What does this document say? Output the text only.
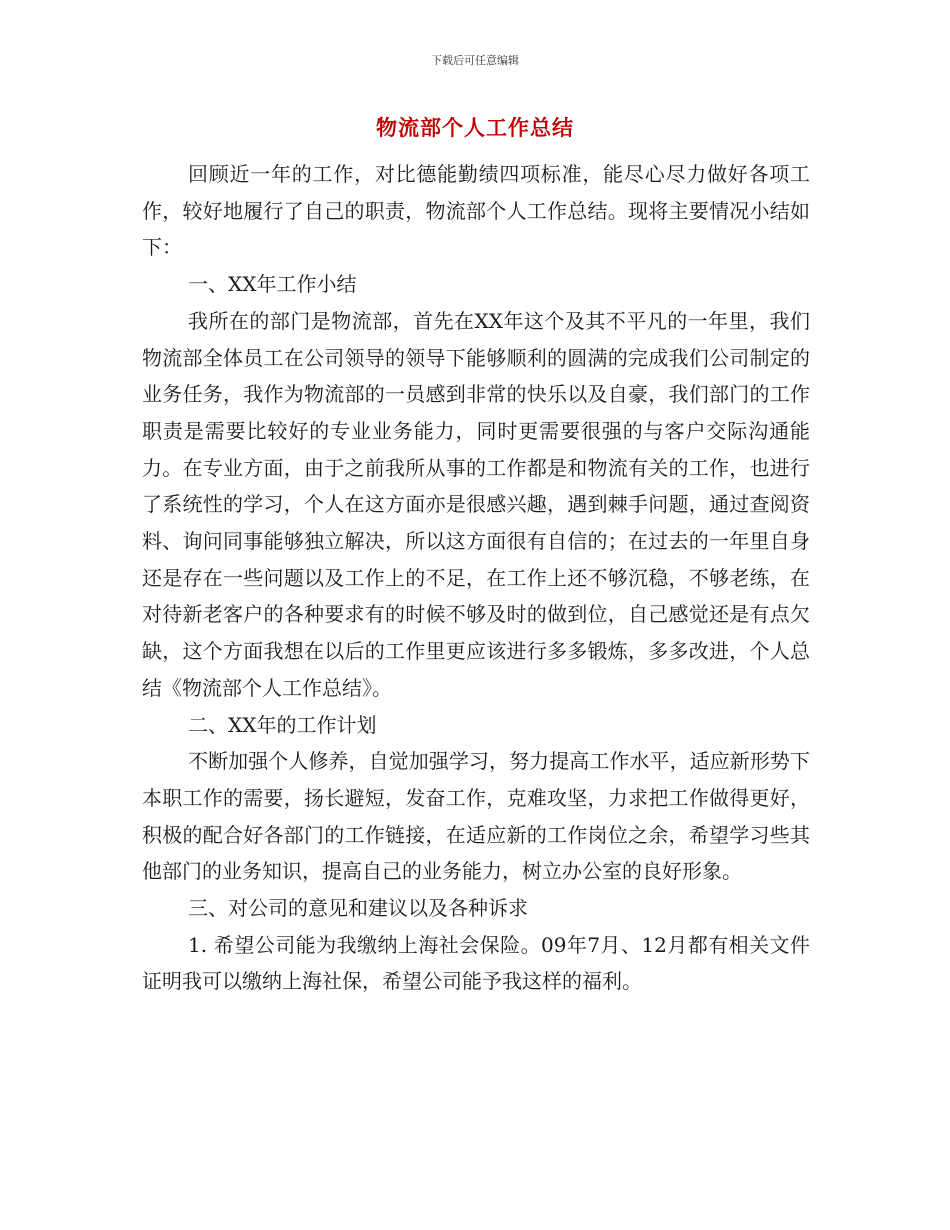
下载后可任意编辑
物流部个人工作总结

回顾近一年的工作，对比德能勤绩四项标准，能尽心尽力做好各项工作，较好地履行了自己的职责，物流部个人工作总结。现将主要情况小结如下：

一、XX年工作小结

我所在的部门是物流部，首先在XX年这个及其不平凡的一年里，我们物流部全体员工在公司领导的领导下能够顺利的圆满的完成我们公司制定的业务任务，我作为物流部的一员感到非常的快乐以及自豪，我们部门的工作职责是需要比较好的专业业务能力，同时更需要很强的与客户交际沟通能力。在专业方面，由于之前我所从事的工作都是和物流有关的工作，也进行了系统性的学习，个人在这方面亦是很感兴趣，遇到棘手问题，通过查阅资料、询问同事能够独立解决，所以这方面很有自信的；在过去的一年里自身还是存在一些问题以及工作上的不足，在工作上还不够沉稳，不够老练，在对待新老客户的各种要求有的时候不够及时的做到位，自己感觉还是有点欠缺，这个方面我想在以后的工作里更应该进行多多锻炼，多多改进，个人总结《物流部个人工作总结》。

二、XX年的工作计划

不断加强个人修养，自觉加强学习，努力提高工作水平，适应新形势下本职工作的需要，扬长避短，发奋工作，克难攻坚，力求把工作做得更好，积极的配合好各部门的工作链接，在适应新的工作岗位之余，希望学习些其他部门的业务知识，提高自己的业务能力，树立办公室的良好形象。

三、对公司的意见和建议以及各种诉求

1. 希望公司能为我缴纳上海社会保险。09年7月、12月都有相关文件证明我可以缴纳上海社保，希望公司能予我这样的福利。
